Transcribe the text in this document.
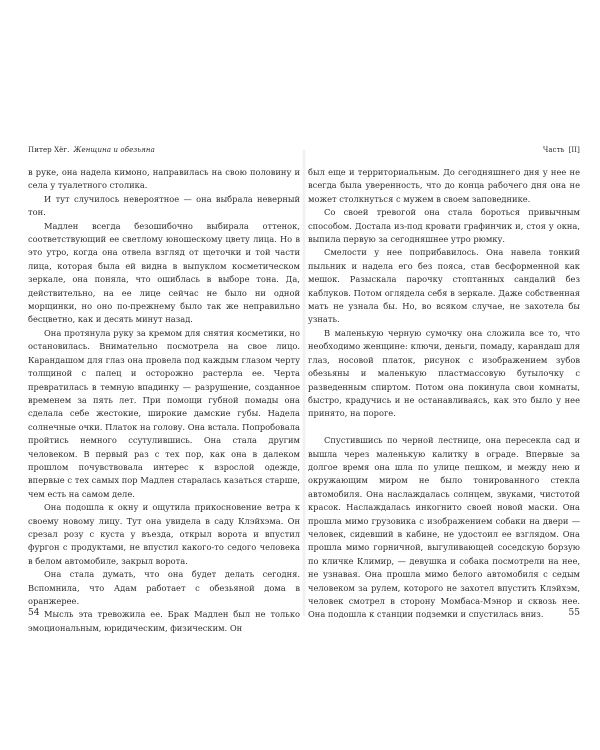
Питер Хёг. Женщина и обезьяна

в руке, она надела кимоно, направилась на свою половину и села у туалетного столика.

И тут случилось невероятное — она выбрала неверный тон.

Мадлен всегда безошибочно выбирала оттенок, соответствующий ее светлому юношескому цвету лица. Но в это утро, когда она отвела взгляд от щеточки и той части лица, которая была ей видна в выпуклом косметическом зеркале, она поняла, что ошиблась в выборе тона. Да, действительно, на ее лице сейчас не было ни одной морщинки, но оно по-прежнему было так же неправильно бесцветно, как и десять минут назад.

Она протянула руку за кремом для снятия косметики, но остановилась. Внимательно посмотрела на свое лицо. Карандашом для глаз она провела под каждым глазом черту толщиной с палец и осторожно растерла ее. Черта превратилась в темную впадинку — разрушение, созданное временем за пять лет. При помощи губной помады она сделала себе жестокие, широкие дамские губы. Надела солнечные очки. Платок на голову. Она встала. Попробовала пройтись немного ссутулившись. Она стала другим человеком. В первый раз с тех пор, как она в далеком прошлом почувствовала интерес к взрослой одежде, впервые с тех самых пор Мадлен старалась казаться старше, чем есть на самом деле.

Она подошла к окну и ощутила прикосновение ветра к своему новому лицу. Тут она увидела в саду Клэйхэма. Он срезал розу с куста у въезда, открыл ворота и впустил фургон с продуктами, не впустил какого-то седого человека в белом автомобиле, закрыл ворота.

Она стала думать, что она будет делать сегодня. Вспомнила, что Адам работает с обезьяной дома в оранжерее.

Мысль эта тревожила ее. Брак Мадлен был не только эмоциональным, юридическим, физическим. Он

54
Часть [II]

был еще и территориальным. До сегодняшнего дня у нее не всегда была уверенность, что до конца рабочего дня она не может столкнуться с мужем в своем заповеднике.

Со своей тревогой она стала бороться привычным способом. Достала из-под кровати графинчик и, стоя у окна, выпила первую за сегодняшнее утро рюмку.

Смелости у нее поприбавилось. Она навела тонкий пыльник и надела его без пояса, став бесформенной как мешок. Разыскала парочку стоптанных сандалий без каблуков. Потом оглядела себя в зеркале. Даже собственная мать не узнала бы. Но, во всяком случае, не захотела бы узнать.

В маленькую черную сумочку она сложила все то, что необходимо женщине: ключи, деньги, помаду, карандаш для глаз, носовой платок, рисунок с изображением зубов обезьяны и маленькую пластмассовую бутылочку с разведенным спиртом. Потом она покинула свои комнаты, быстро, крадучись и не останавливаясь, как это было у нее принято, на пороге.

Спустившись по черной лестнице, она пересекла сад и вышла через маленькую калитку в ограде. Впервые за долгое время она шла по улице пешком, и между нею и окружающим миром не было тонированного стекла автомобиля. Она наслаждалась солнцем, звуками, чистотой красок. Наслаждалась инкогнито своей новой маски. Она прошла мимо грузовика с изображением собаки на двери — человек, сидевший в кабине, не удостоил ее взглядом. Она прошла мимо горничной, выгуливающей соседскую борзую по кличке Климир, — девушка и собака посмотрели на нее, не узнавая. Она прошла мимо белого автомобиля с седым человеком за рулем, которого не захотел впустить Клэйхэм, человек смотрел в сторону Момбаса-Мэнор и сквозь нее. Она подошла к станции подземки и спустилась вниз.	55
